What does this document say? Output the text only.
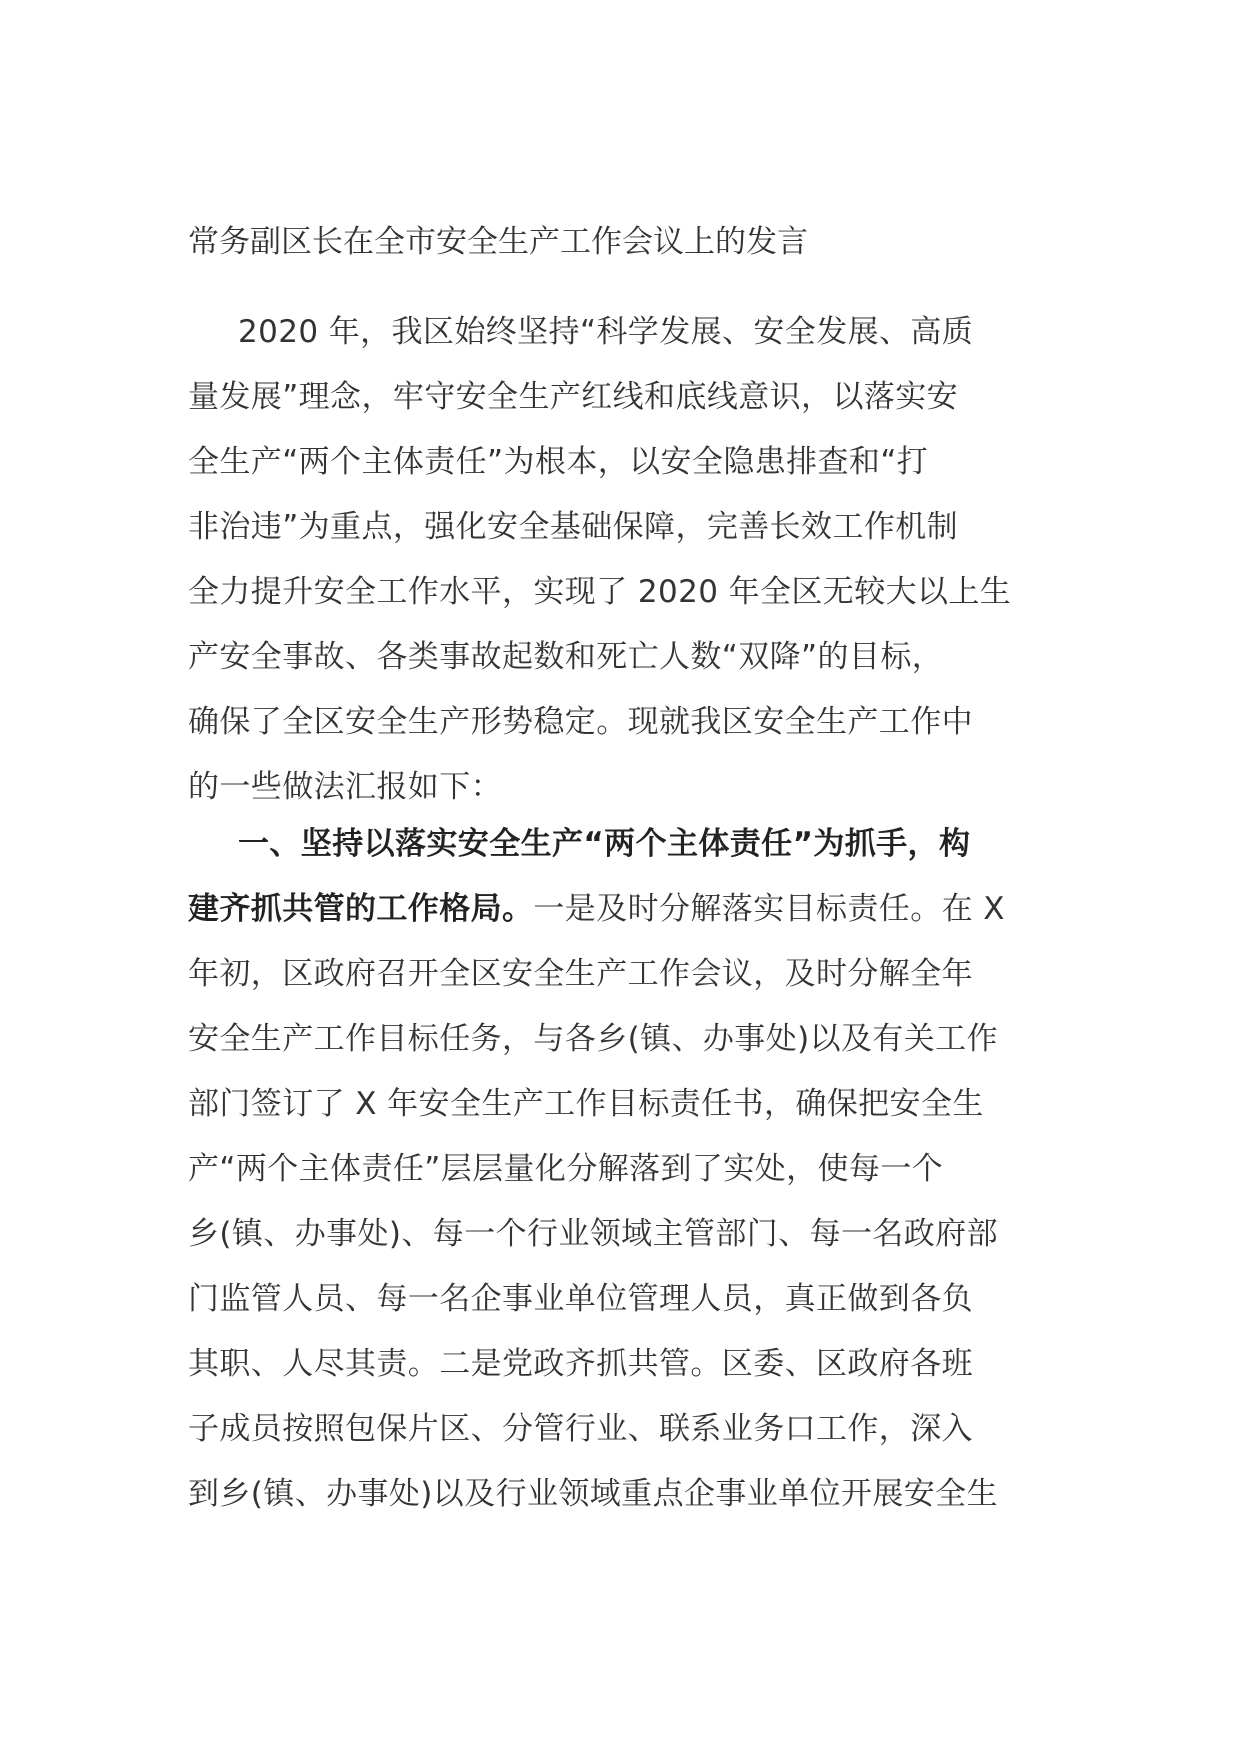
常务副区长在全市安全生产工作会议上的发言
2020 年，我区始终坚持“科学发展、安全发展、高质
量发展”理念，牢守安全生产红线和底线意识，以落实安
全生产“两个主体责任”为根本，以安全隐患排查和“打
非治违”为重点，强化安全基础保障，完善长效工作机制
全力提升安全工作水平，实现了 2020 年全区无较大以上生
产安全事故、各类事故起数和死亡人数“双降”的目标，
确保了全区安全生产形势稳定。现就我区安全生产工作中
的一些做法汇报如下：
一、坚持以落实安全生产“两个主体责任”为抓手，构
建齐抓共管的工作格局。一是及时分解落实目标责任。在 X
年初，区政府召开全区安全生产工作会议，及时分解全年
安全生产工作目标任务，与各乡(镇、办事处)以及有关工作
部门签订了 X 年安全生产工作目标责任书，确保把安全生
产“两个主体责任”层层量化分解落到了实处，使每一个
乡(镇、办事处)、每一个行业领域主管部门、每一名政府部
门监管人员、每一名企事业单位管理人员，真正做到各负
其职、人尽其责。二是党政齐抓共管。区委、区政府各班
子成员按照包保片区、分管行业、联系业务口工作，深入
到乡(镇、办事处)以及行业领域重点企事业单位开展安全生
